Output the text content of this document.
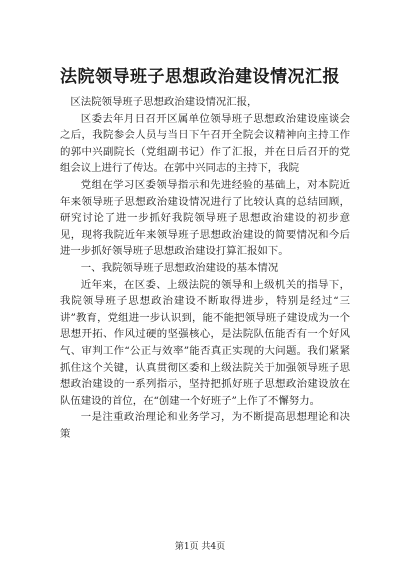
法院领导班子思想政治建设情况汇报

区法院领导班子思想政治建设情况汇报，

区委去年月日召开区属单位领导班子思想政治建设座谈会之后，我院参会人员与当日下午召开全院会议精神向主持工作的郭中兴副院长（党组副书记）作了汇报，并在日后召开的党组会议上进行了传达。在郭中兴同志的主持下，我院

党组在学习区委领导指示和先进经验的基础上，对本院近年来领导班子思想政治建设情况进行了比较认真的总结回顾，研究讨论了进一步抓好我院领导班子思想政治建设的初步意见，现将我院近年来领导班子思想政治建设的简要情况和今后进一步抓好领导班子思想政治建设打算汇报如下。

一、我院领导班子思想政治建设的基本情况

近年来，在区委、上级法院的领导和上级机关的指导下，我院领导班子思想政治建设不断取得进步，特别是经过“三讲”教育，党组进一步认识到，能不能把领导班子建设成为一个思想开拓、作风过硬的坚强核心，是法院队伍能否有一个好风气、审判工作“公正与效率”能否真正实现的大问题。我们紧紧抓住这个关键，认真贯彻区委和上级法院关于加强领导班子思想政治建设的一系列指示，坚持把抓好班子思想政治建设放在队伍建设的首位，在“创建一个好班子”上作了不懈努力。

一是注重政治理论和业务学习，为不断提高思想理论和决策

第1页 共4页
